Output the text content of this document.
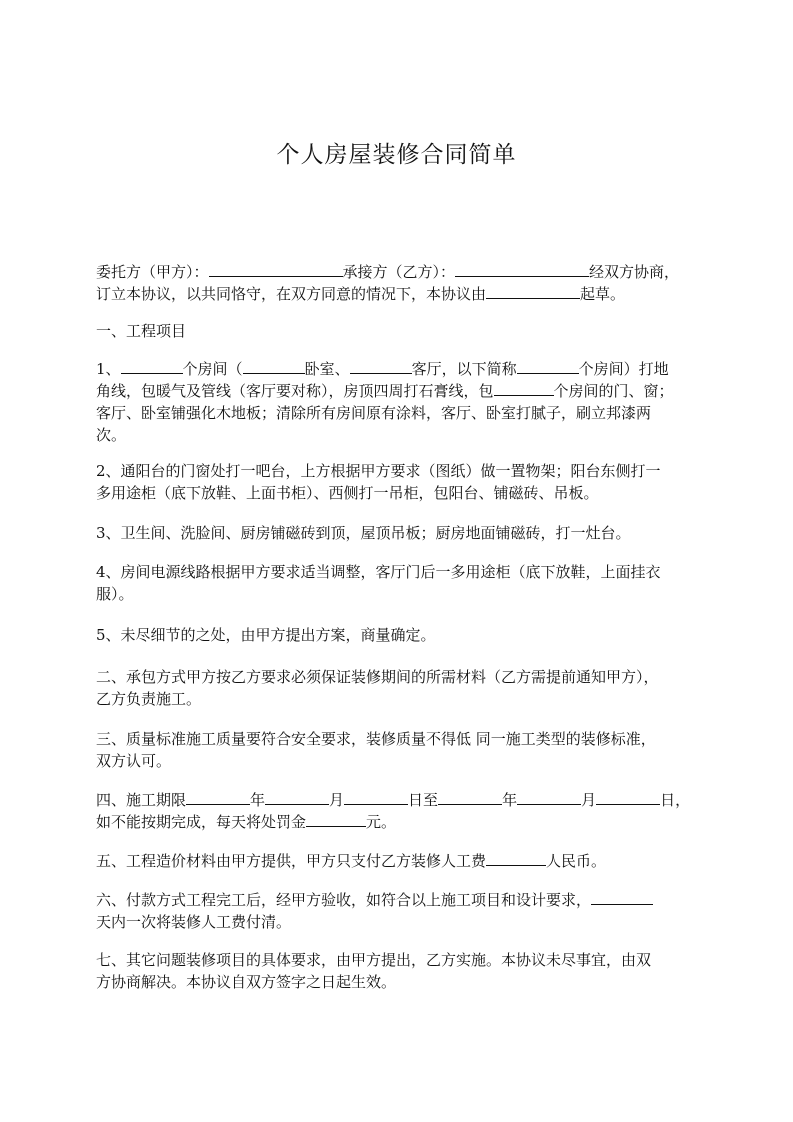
个人房屋装修合同简单
委托方（甲方）：	承接方（乙方）：	经双方协商，
订立本协议，以共同恪守，在双方同意的情况下，本协议由	起草。
一、工程项目
1、	个房间（	卧室、	客厅，以下简称	个房间）打地
角线，包暖气及管线（客厅要对称），房顶四周打石膏线，包	个房间的门、窗；
客厅、卧室铺强化木地板；清除所有房间原有涂料，客厅、卧室打腻子，刷立邦漆两
次。
2、通阳台的门窗处打一吧台，上方根据甲方要求（图纸）做一置物架；阳台东侧打一
多用途柜（底下放鞋、上面书柜）、西侧打一吊柜，包阳台、铺磁砖、吊板。
3、卫生间、洗脸间、厨房铺磁砖到顶，屋顶吊板；厨房地面铺磁砖，打一灶台。
4、房间电源线路根据甲方要求适当调整，客厅门后一多用途柜（底下放鞋，上面挂衣
服）。
5、未尽细节的之处，由甲方提出方案，商量确定。
二、承包方式甲方按乙方要求必须保证装修期间的所需材料（乙方需提前通知甲方），
乙方负责施工。
三、质量标准施工质量要符合安全要求，装修质量不得低 同一施工类型的装修标准，
双方认可。
四、施工期限	年	月	日至	年	月	日，
如不能按期完成，每天将处罚金	元。
五、工程造价材料由甲方提供，甲方只支付乙方装修人工费	人民币。
六、付款方式工程完工后，经甲方验收，如符合以上施工项目和设计要求，
天内一次将装修人工费付清。
七、其它问题装修项目的具体要求，由甲方提出，乙方实施。本协议未尽事宜，由双
方协商解决。本协议自双方签字之日起生效。
